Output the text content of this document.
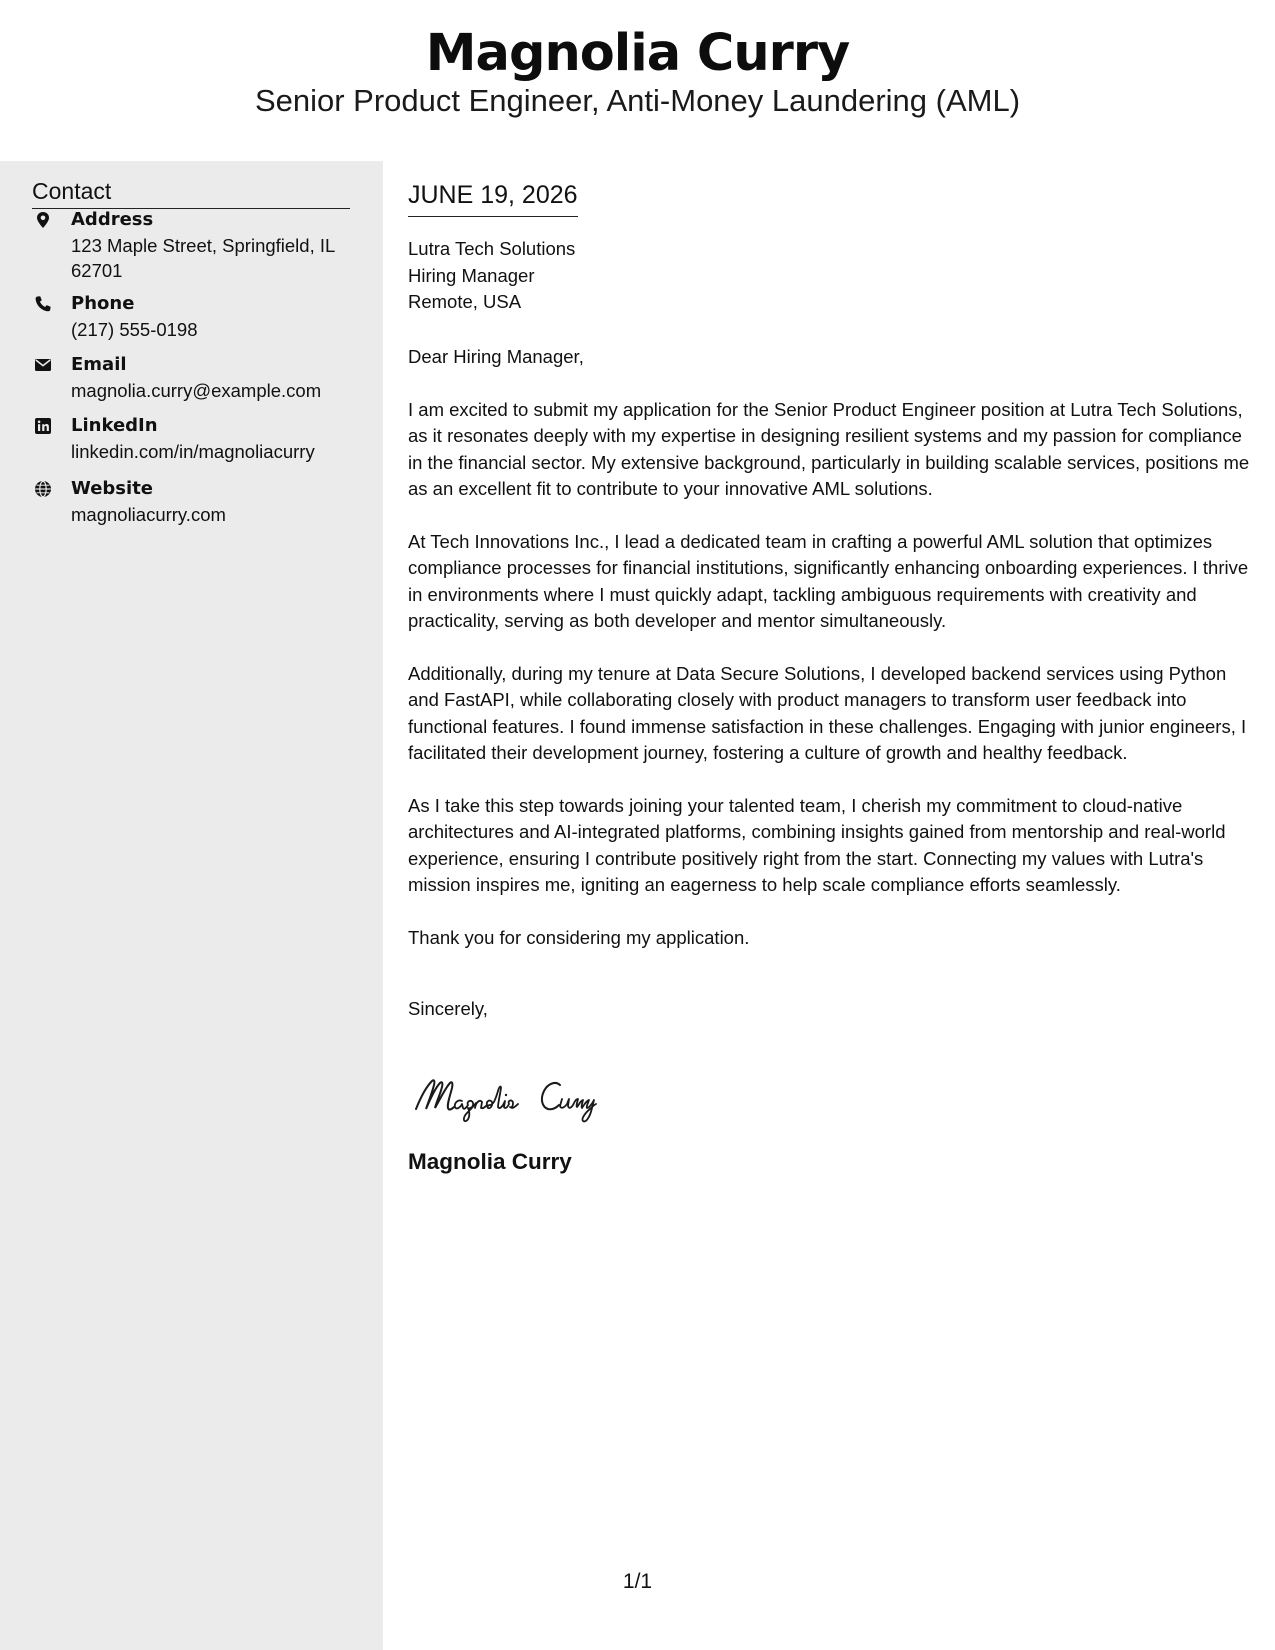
Magnolia Curry
Senior Product Engineer, Anti-Money Laundering (AML)
Contact
Address
123 Maple Street, Springfield, IL 62701
Phone
(217) 555-0198
Email
magnolia.curry@example.com
LinkedIn
linkedin.com/in/magnoliacurry
Website
magnoliacurry.com
JUNE 19, 2026
Lutra Tech Solutions
Hiring Manager
Remote, USA
Dear Hiring Manager,
I am excited to submit my application for the Senior Product Engineer position at Lutra Tech Solutions, as it resonates deeply with my expertise in designing resilient systems and my passion for compliance in the financial sector. My extensive background, particularly in building scalable services, positions me as an excellent fit to contribute to your innovative AML solutions.
At Tech Innovations Inc., I lead a dedicated team in crafting a powerful AML solution that optimizes compliance processes for financial institutions, significantly enhancing onboarding experiences. I thrive in environments where I must quickly adapt, tackling ambiguous requirements with creativity and practicality, serving as both developer and mentor simultaneously.
Additionally, during my tenure at Data Secure Solutions, I developed backend services using Python and FastAPI, while collaborating closely with product managers to transform user feedback into functional features. I found immense satisfaction in these challenges. Engaging with junior engineers, I facilitated their development journey, fostering a culture of growth and healthy feedback.
As I take this step towards joining your talented team, I cherish my commitment to cloud-native architectures and AI-integrated platforms, combining insights gained from mentorship and real-world experience, ensuring I contribute positively right from the start. Connecting my values with Lutra's mission inspires me, igniting an eagerness to help scale compliance efforts seamlessly.
Thank you for considering my application.
Sincerely,
Magnolia Curry
1/1
